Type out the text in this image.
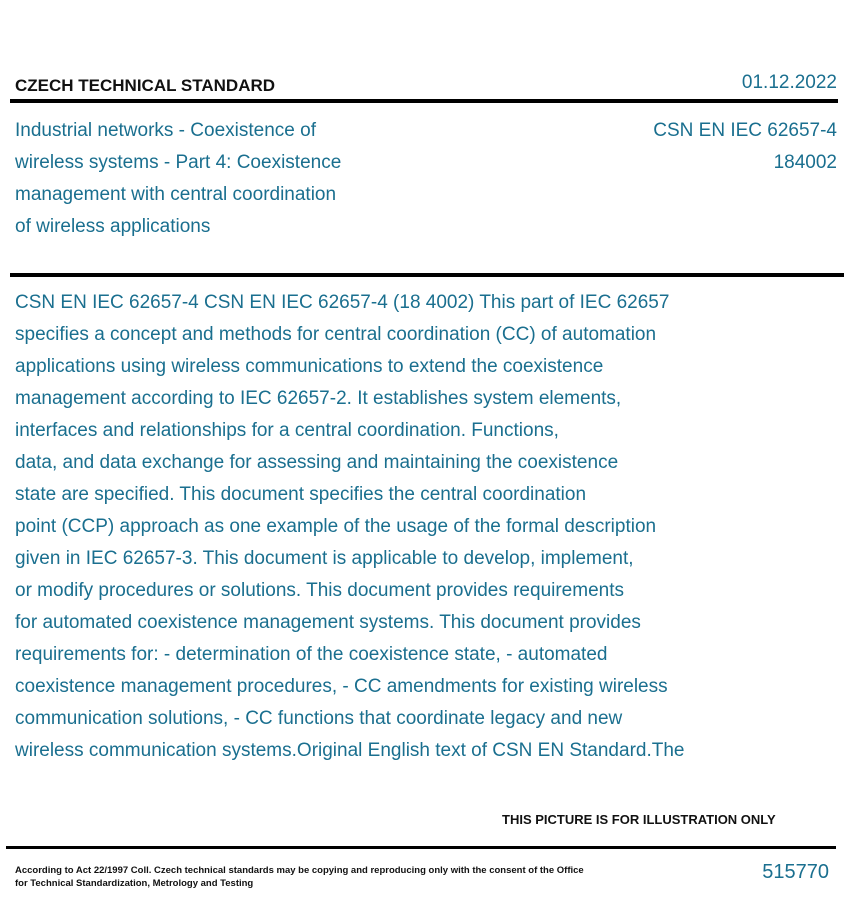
CZECH TECHNICAL STANDARD	01.12.2022
Industrial networks - Coexistence of
wireless systems - Part 4: Coexistence
management with central coordination
of wireless applications
CSN EN IEC 62657-4
184002
CSN EN IEC 62657-4 CSN EN IEC 62657-4 (18 4002) This part of IEC 62657
specifies a concept and methods for central coordination (CC) of automation
applications using wireless communications to extend the coexistence
management according to IEC 62657-2. It establishes system elements,
interfaces and relationships for a central coordination. Functions,
data, and data exchange for assessing and maintaining the coexistence
state are specified. This document specifies the central coordination
point (CCP) approach as one example of the usage of the formal description
given in IEC 62657-3. This document is applicable to develop, implement,
or modify procedures or solutions. This document provides requirements
for automated coexistence management systems. This document provides
requirements for: - determination of the coexistence state, - automated
coexistence management procedures, - CC amendments for existing wireless
communication solutions, - CC functions that coordinate legacy and new
wireless communication systems.Original English text of CSN EN Standard.The
THIS PICTURE IS FOR ILLUSTRATION ONLY
According to Act 22/1997 Coll. Czech technical standards may be copying and reproducing only with the consent of the Office
for Technical Standardization, Metrology and Testing
515770
